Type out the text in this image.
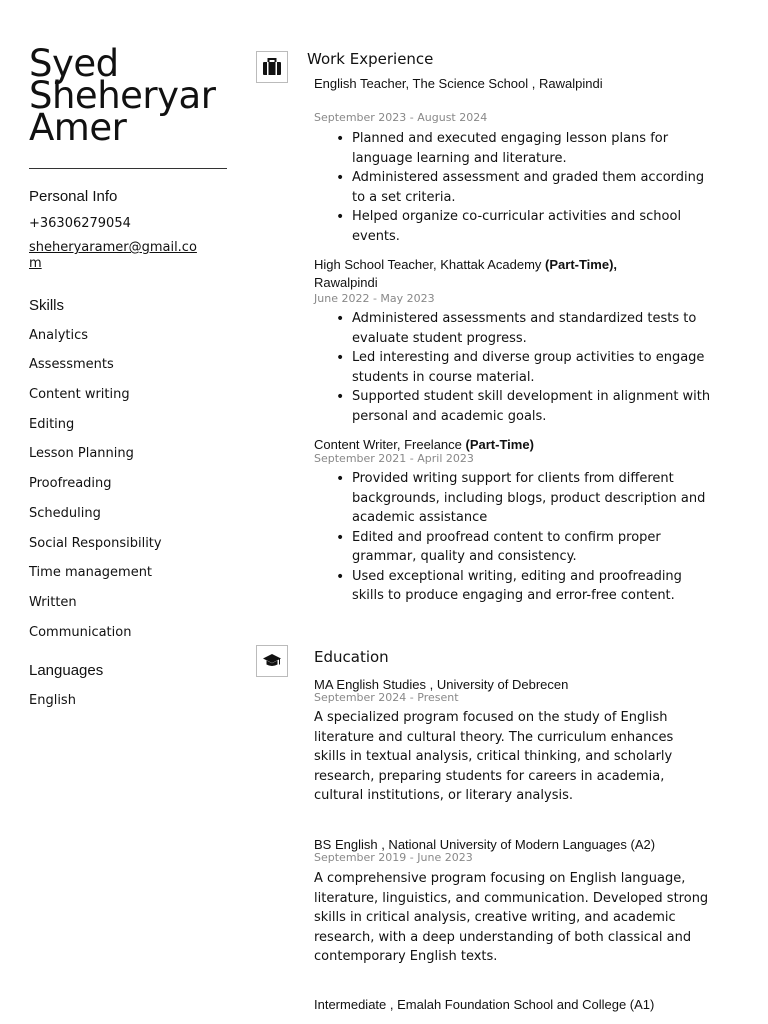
Syed
Sheheryar
Amer
Personal Info
+36306279054
sheheryaramer@gmail.com
Skills
Analytics
Assessments
Content writing
Editing
Lesson Planning
Proofreading
Scheduling
Social Responsibility
Time management
Written
Communication
Languages
English
Work Experience
English Teacher, The Science School , Rawalpindi
September 2023 - August 2024
• Planned and executed engaging lesson plans for language learning and literature.
• Administered assessment and graded them according to a set criteria.
• Helped organize co-curricular activities and school events.
High School Teacher, Khattak Academy (Part-Time),
Rawalpindi
June 2022 - May 2023
• Administered assessments and standardized tests to evaluate student progress.
• Led interesting and diverse group activities to engage students in course material.
• Supported student skill development in alignment with personal and academic goals.
Content Writer, Freelance (Part-Time)
September 2021 - April 2023
• Provided writing support for clients from different backgrounds, including blogs, product description and academic assistance
• Edited and proofread content to confirm proper grammar, quality and consistency.
• Used exceptional writing, editing and proofreading skills to produce engaging and error-free content.
Education
MA English Studies , University of Debrecen
September 2024 - Present
A specialized program focused on the study of English literature and cultural theory. The curriculum enhances skills in textual analysis, critical thinking, and scholarly research, preparing students for careers in academia, cultural institutions, or literary analysis.
BS English , National University of Modern Languages (A2)
September 2019 - June 2023
A comprehensive program focusing on English language, literature, linguistics, and communication. Developed strong skills in critical analysis, creative writing, and academic research, with a deep understanding of both classical and contemporary English texts.
Intermediate , Emalah Foundation School and College (A1)
